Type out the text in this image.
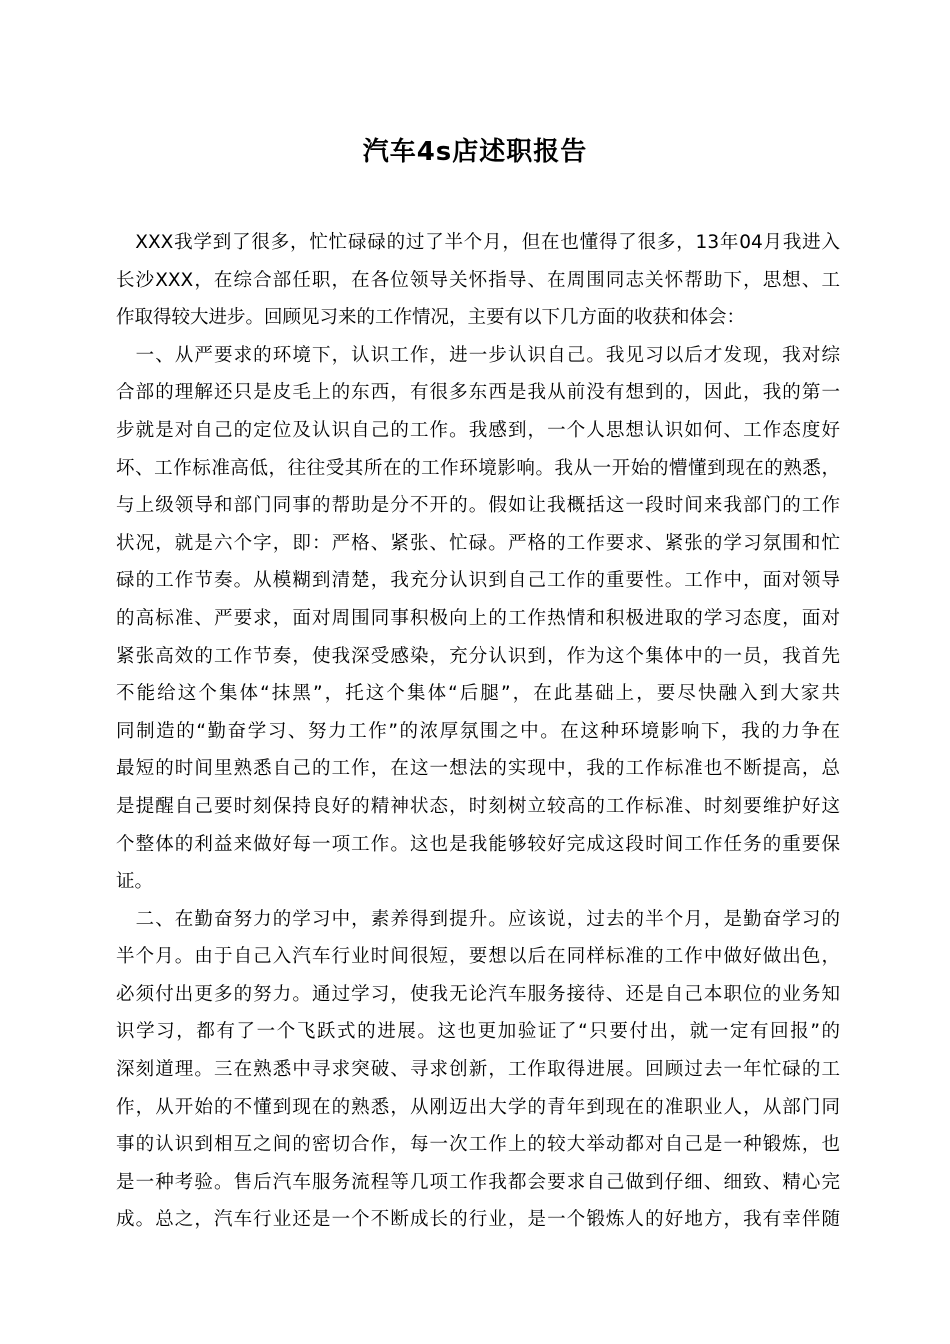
汽车4s店述职报告
　XXX我学到了很多，忙忙碌碌的过了半个月，但在也懂得了很多，13年04月我进入
长沙XXX，在综合部任职，在各位领导关怀指导、在周围同志关怀帮助下，思想、工
作取得较大进步。回顾见习来的工作情况，主要有以下几方面的收获和体会：
　一、从严要求的环境下，认识工作，进一步认识自己。我见习以后才发现，我对综
合部的理解还只是皮毛上的东西，有很多东西是我从前没有想到的，因此，我的第一
步就是对自己的定位及认识自己的工作。我感到，一个人思想认识如何、工作态度好
坏、工作标准高低，往往受其所在的工作环境影响。我从一开始的懵懂到现在的熟悉，
与上级领导和部门同事的帮助是分不开的。假如让我概括这一段时间来我部门的工作
状况，就是六个字，即：严格、紧张、忙碌。严格的工作要求、紧张的学习氛围和忙
碌的工作节奏。从模糊到清楚，我充分认识到自己工作的重要性。工作中，面对领导
的高标准、严要求，面对周围同事积极向上的工作热情和积极进取的学习态度，面对
紧张高效的工作节奏，使我深受感染，充分认识到，作为这个集体中的一员，我首先
不能给这个集体“抹黑”，托这个集体“后腿”，在此基础上，要尽快融入到大家共
同制造的“勤奋学习、努力工作”的浓厚氛围之中。在这种环境影响下，我的力争在
最短的时间里熟悉自己的工作，在这一想法的实现中，我的工作标准也不断提高，总
是提醒自己要时刻保持良好的精神状态，时刻树立较高的工作标准、时刻要维护好这
个整体的利益来做好每一项工作。这也是我能够较好完成这段时间工作任务的重要保
证。
　二、在勤奋努力的学习中，素养得到提升。应该说，过去的半个月，是勤奋学习的
半个月。由于自己入汽车行业时间很短，要想以后在同样标准的工作中做好做出色，
必须付出更多的努力。通过学习，使我无论汽车服务接待、还是自己本职位的业务知
识学习，都有了一个飞跃式的进展。这也更加验证了“只要付出，就一定有回报”的
深刻道理。三在熟悉中寻求突破、寻求创新，工作取得进展。回顾过去一年忙碌的工
作，从开始的不懂到现在的熟悉，从刚迈出大学的青年到现在的准职业人，从部门同
事的认识到相互之间的密切合作，每一次工作上的较大举动都对自己是一种锻炼，也
是一种考验。售后汽车服务流程等几项工作我都会要求自己做到仔细、细致、精心完
成。总之，汽车行业还是一个不断成长的行业，是一个锻炼人的好地方，我有幸伴随
